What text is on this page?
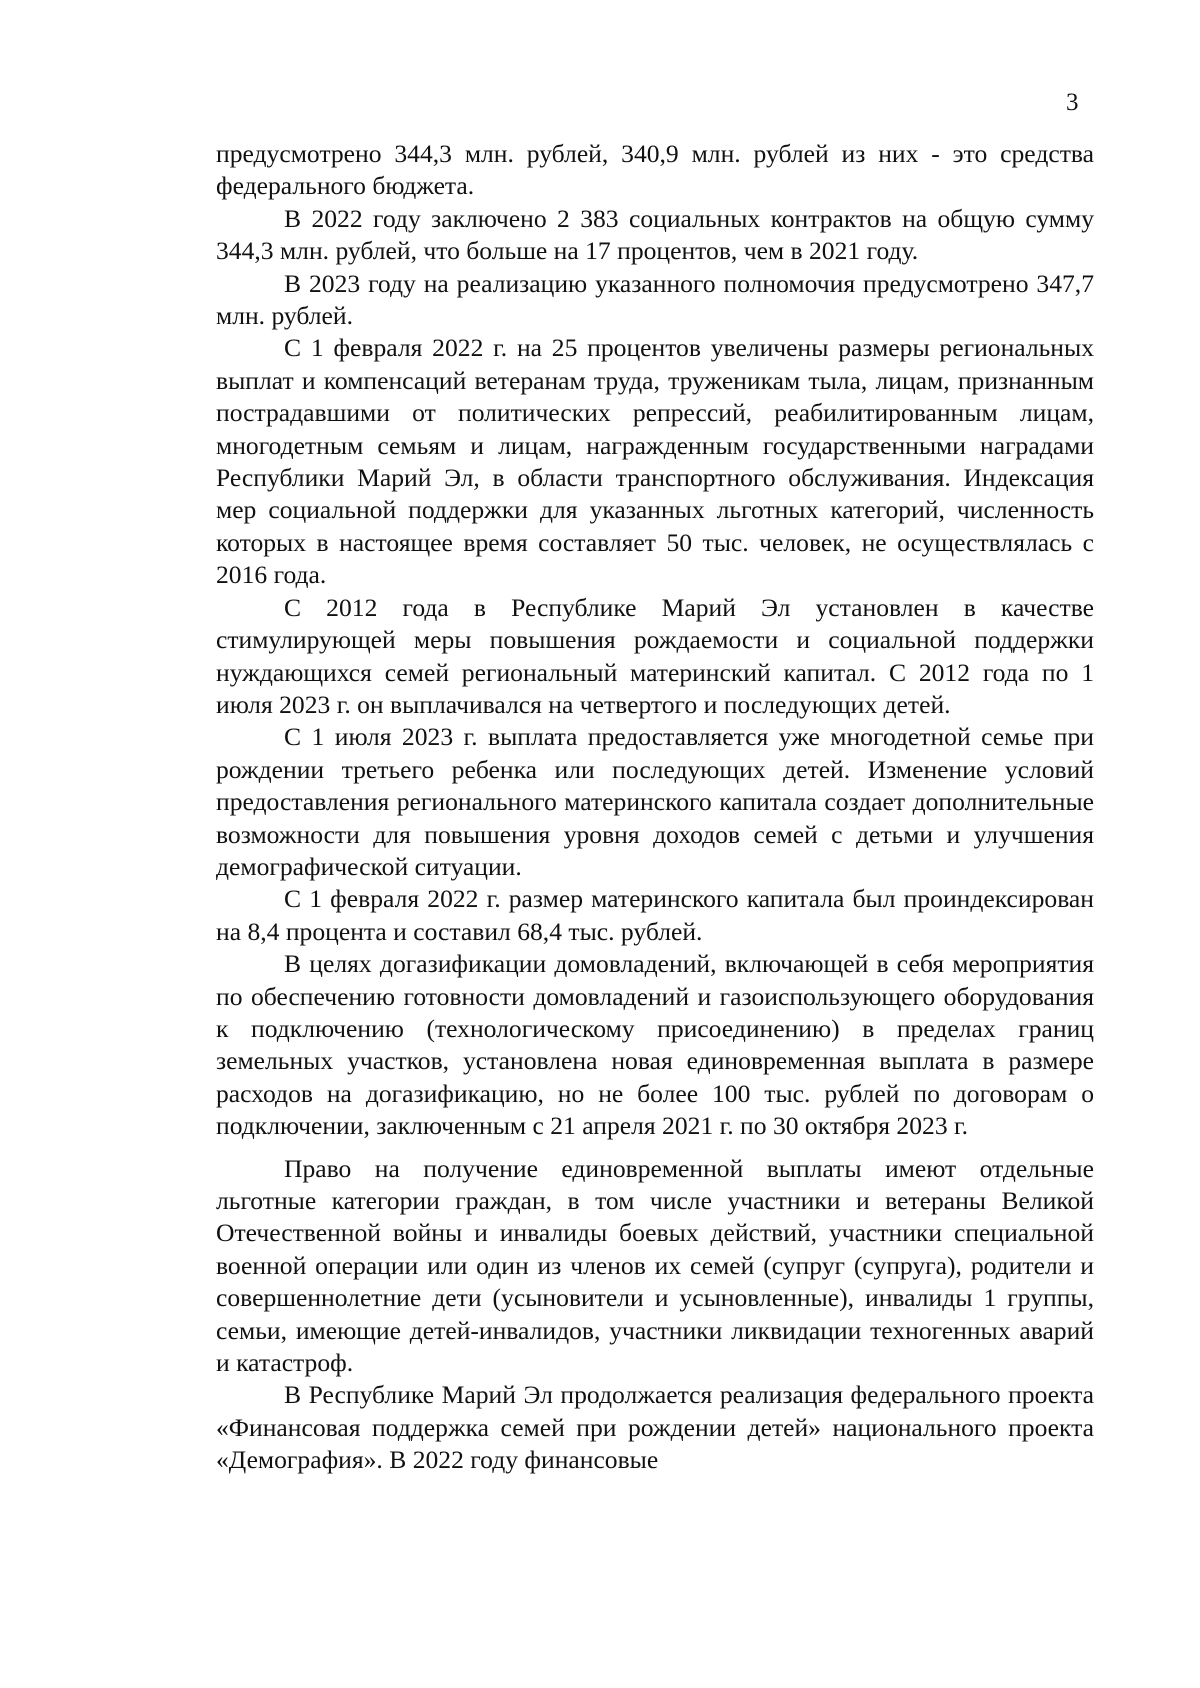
3

предусмотрено 344,3 млн. рублей, 340,9 млн. рублей из них - это средства федерального бюджета.

В 2022 году заключено 2 383 социальных контрактов на общую сумму 344,3 млн. рублей, что больше на 17 процентов, чем в 2021 году.

В 2023 году на реализацию указанного полномочия предусмотрено 347,7 млн. рублей.

С 1 февраля 2022 г. на 25 процентов увеличены размеры региональных выплат и компенсаций ветеранам труда, труженикам тыла, лицам, признанным пострадавшими от политических репрессий, реабилитированным лицам, многодетным семьям и лицам, награжденным государственными наградами Республики Марий Эл, в области транспортного обслуживания. Индексация мер социальной поддержки для указанных льготных категорий, численность которых в настоящее время составляет 50 тыс. человек, не осуществлялась с 2016 года.

С 2012 года в Республике Марий Эл установлен в качестве стимулирующей меры повышения рождаемости и социальной поддержки нуждающихся семей региональный материнский капитал. С 2012 года по 1 июля 2023 г. он выплачивался на четвертого и последующих детей.

С 1 июля 2023 г. выплата предоставляется уже многодетной семье при рождении третьего ребенка или последующих детей. Изменение условий предоставления регионального материнского капитала создает дополнительные возможности для повышения уровня доходов семей с детьми и улучшения демографической ситуации.

С 1 февраля 2022 г. размер материнского капитала был проиндексирован на 8,4 процента и составил 68,4 тыс. рублей.

В целях догазификации домовладений, включающей в себя мероприятия по обеспечению готовности домовладений и газоиспользующего оборудования к подключению (технологическому присоединению) в пределах границ земельных участков, установлена новая единовременная выплата в размере расходов на догазификацию, но не более 100 тыс. рублей по договорам о подключении, заключенным с 21 апреля 2021 г. по 30 октября 2023 г.

Право на получение единовременной выплаты имеют отдельные льготные категории граждан, в том числе участники и ветераны Великой Отечественной войны и инвалиды боевых действий, участники специальной военной операции или один из членов их семей (супруг (супруга), родители и совершеннолетние дети (усыновители и усыновленные), инвалиды 1 группы, семьи, имеющие детей-инвалидов, участники ликвидации техногенных аварий и катастроф.

В Республике Марий Эл продолжается реализация федерального проекта «Финансовая поддержка семей при рождении детей» национального проекта «Демография». В 2022 году финансовые
